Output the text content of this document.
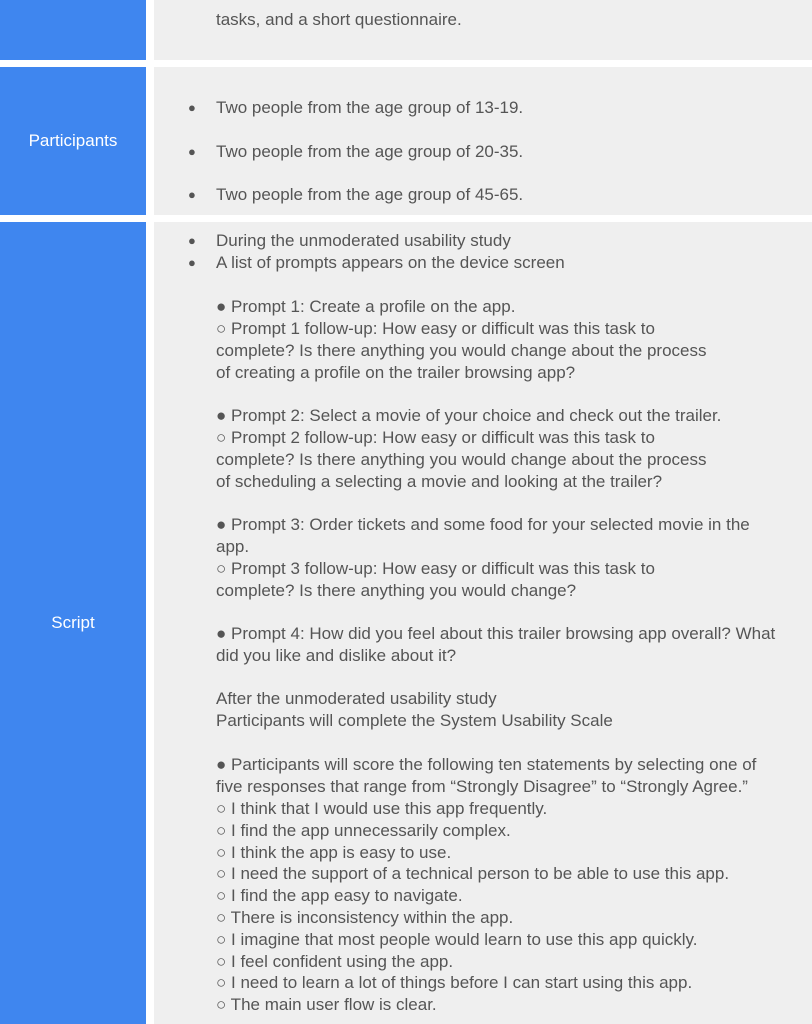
tasks, and a short questionnaire.
Participants
● Two people from the age group of 13-19.
● Two people from the age group of 20-35.
● Two people from the age group of 45-65.
Script
● During the unmoderated usability study
● A list of prompts appears on the device screen
● Prompt 1: Create a profile on the app.
○ Prompt 1 follow-up: How easy or difficult was this task to
complete? Is there anything you would change about the process
of creating a profile on the trailer browsing app?
● Prompt 2: Select a movie of your choice and check out the trailer.
○ Prompt 2 follow-up: How easy or difficult was this task to
complete? Is there anything you would change about the process
of scheduling a selecting a movie and looking at the trailer?
● Prompt 3: Order tickets and some food for your selected movie in the
app.
○ Prompt 3 follow-up: How easy or difficult was this task to
complete? Is there anything you would change?
● Prompt 4: How did you feel about this trailer browsing app overall? What
did you like and dislike about it?
After the unmoderated usability study
Participants will complete the System Usability Scale
● Participants will score the following ten statements by selecting one of
five responses that range from “Strongly Disagree” to “Strongly Agree.”
○ I think that I would use this app frequently.
○ I find the app unnecessarily complex.
○ I think the app is easy to use.
○ I need the support of a technical person to be able to use this app.
○ I find the app easy to navigate.
○ There is inconsistency within the app.
○ I imagine that most people would learn to use this app quickly.
○ I feel confident using the app.
○ I need to learn a lot of things before I can start using this app.
○ The main user flow is clear.
